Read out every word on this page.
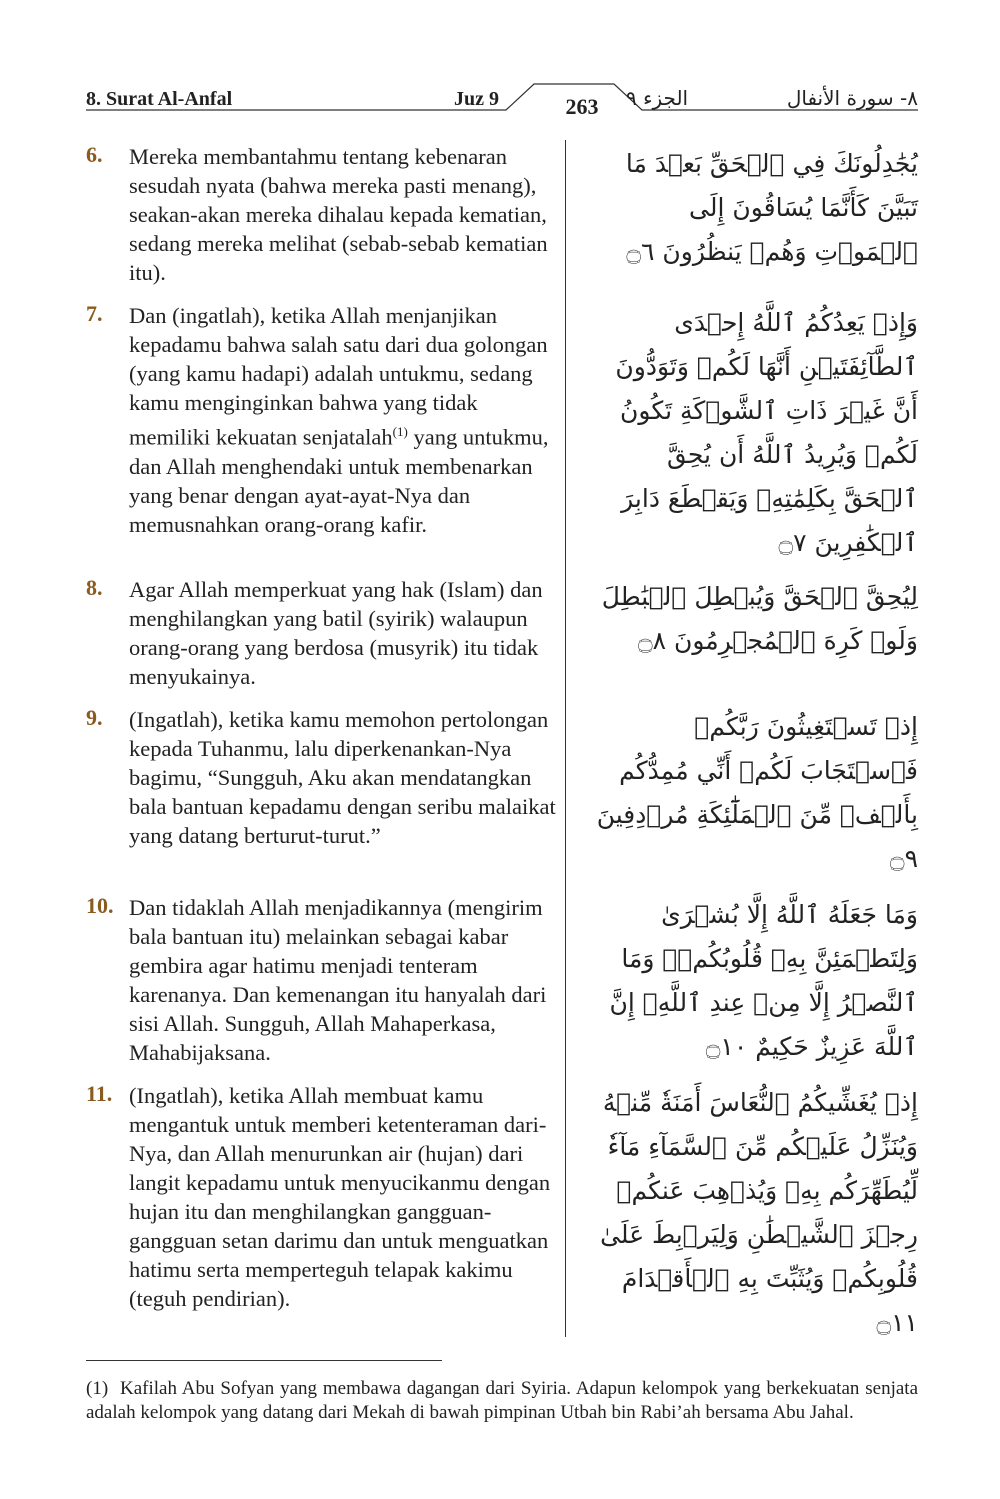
8. Surat Al-Anfal	Juz 9	263	الجزء ٩	٨- سورة الأنفال
6. Mereka membantahmu tentang kebenaran sesudah nyata (bahwa mereka pasti menang), seakan-akan mereka dihalau kepada kematian, sedang mereka melihat (sebab-sebab kematian itu).
يُجَٰدِلُونَكَ فِي ٱلۡحَقِّ بَعۡدَ مَا تَبَيَّنَ كَأَنَّمَا يُسَاقُونَ إِلَى ٱلۡمَوۡتِ وَهُمۡ يَنظُرُونَ ۝٦
7. Dan (ingatlah), ketika Allah menjanjikan kepadamu bahwa salah satu dari dua golongan (yang kamu hadapi) adalah untukmu, sedang kamu menginginkan bahwa yang tidak memiliki kekuatan senjatalah$^{(1)}$ yang untukmu, dan Allah menghendaki untuk membenarkan yang benar dengan ayat-ayat-Nya dan memusnahkan orang-orang kafir.
وَإِذۡ يَعِدُكُمُ ٱللَّهُ إِحۡدَى ٱلطَّآئِفَتَيۡنِ أَنَّهَا لَكُمۡ وَتَوَدُّونَ أَنَّ غَيۡرَ ذَاتِ ٱلشَّوۡكَةِ تَكُونُ لَكُمۡ وَيُرِيدُ ٱللَّهُ أَن يُحِقَّ ٱلۡحَقَّ بِكَلِمَٰتِهِۦ وَيَقۡطَعَ دَابِرَ ٱلۡكَٰفِرِينَ ۝٧
8. Agar Allah memperkuat yang hak (Islam) dan menghilangkan yang batil (syirik) walaupun orang-orang yang berdosa (musyrik) itu tidak menyukainya.
لِيُحِقَّ ٱلۡحَقَّ وَيُبۡطِلَ ٱلۡبَٰطِلَ وَلَوۡ كَرِهَ ٱلۡمُجۡرِمُونَ ۝٨
9. (Ingatlah), ketika kamu memohon pertolongan kepada Tuhanmu, lalu diperkenankan-Nya bagimu, “Sungguh, Aku akan mendatangkan bala bantuan kepadamu dengan seribu malaikat yang datang berturut-turut.”
إِذۡ تَسۡتَغِيثُونَ رَبَّكُمۡ فَٱسۡتَجَابَ لَكُمۡ أَنِّي مُمِدُّكُم بِأَلۡفٖ مِّنَ ٱلۡمَلَٰٓئِكَةِ مُرۡدِفِينَ ۝٩
10. Dan tidaklah Allah menjadikannya (mengirim bala bantuan itu) melainkan sebagai kabar gembira agar hatimu menjadi tenteram karenanya. Dan kemenangan itu hanyalah dari sisi Allah. Sungguh, Allah Mahaperkasa, Mahabijaksana.
وَمَا جَعَلَهُ ٱللَّهُ إِلَّا بُشۡرَىٰ وَلِتَطۡمَئِنَّ بِهِۦ قُلُوبُكُمۡۚ وَمَا ٱلنَّصۡرُ إِلَّا مِنۡ عِندِ ٱللَّهِۚ إِنَّ ٱللَّهَ عَزِيزٌ حَكِيمٌ ۝١٠
11. (Ingatlah), ketika Allah membuat kamu mengantuk untuk memberi ketenteraman dari-Nya, dan Allah menurunkan air (hujan) dari langit kepadamu untuk menyucikanmu dengan hujan itu dan menghilangkan gangguan-gangguan setan darimu dan untuk menguatkan hatimu serta memperteguh telapak kakimu (teguh pendirian).
إِذۡ يُغَشِّيكُمُ ٱلنُّعَاسَ أَمَنَةٗ مِّنۡهُ وَيُنَزِّلُ عَلَيۡكُم مِّنَ ٱلسَّمَآءِ مَآءٗ لِّيُطَهِّرَكُم بِهِۦ وَيُذۡهِبَ عَنكُمۡ رِجۡزَ ٱلشَّيۡطَٰنِ وَلِيَرۡبِطَ عَلَىٰ قُلُوبِكُمۡ وَيُثَبِّتَ بِهِ ٱلۡأَقۡدَامَ ۝١١
(1) Kafilah Abu Sofyan yang membawa dagangan dari Syiria. Adapun kelompok yang berkekuatan senjata adalah kelompok yang datang dari Mekah di bawah pimpinan Utbah bin Rabi’ah bersama Abu Jahal.
